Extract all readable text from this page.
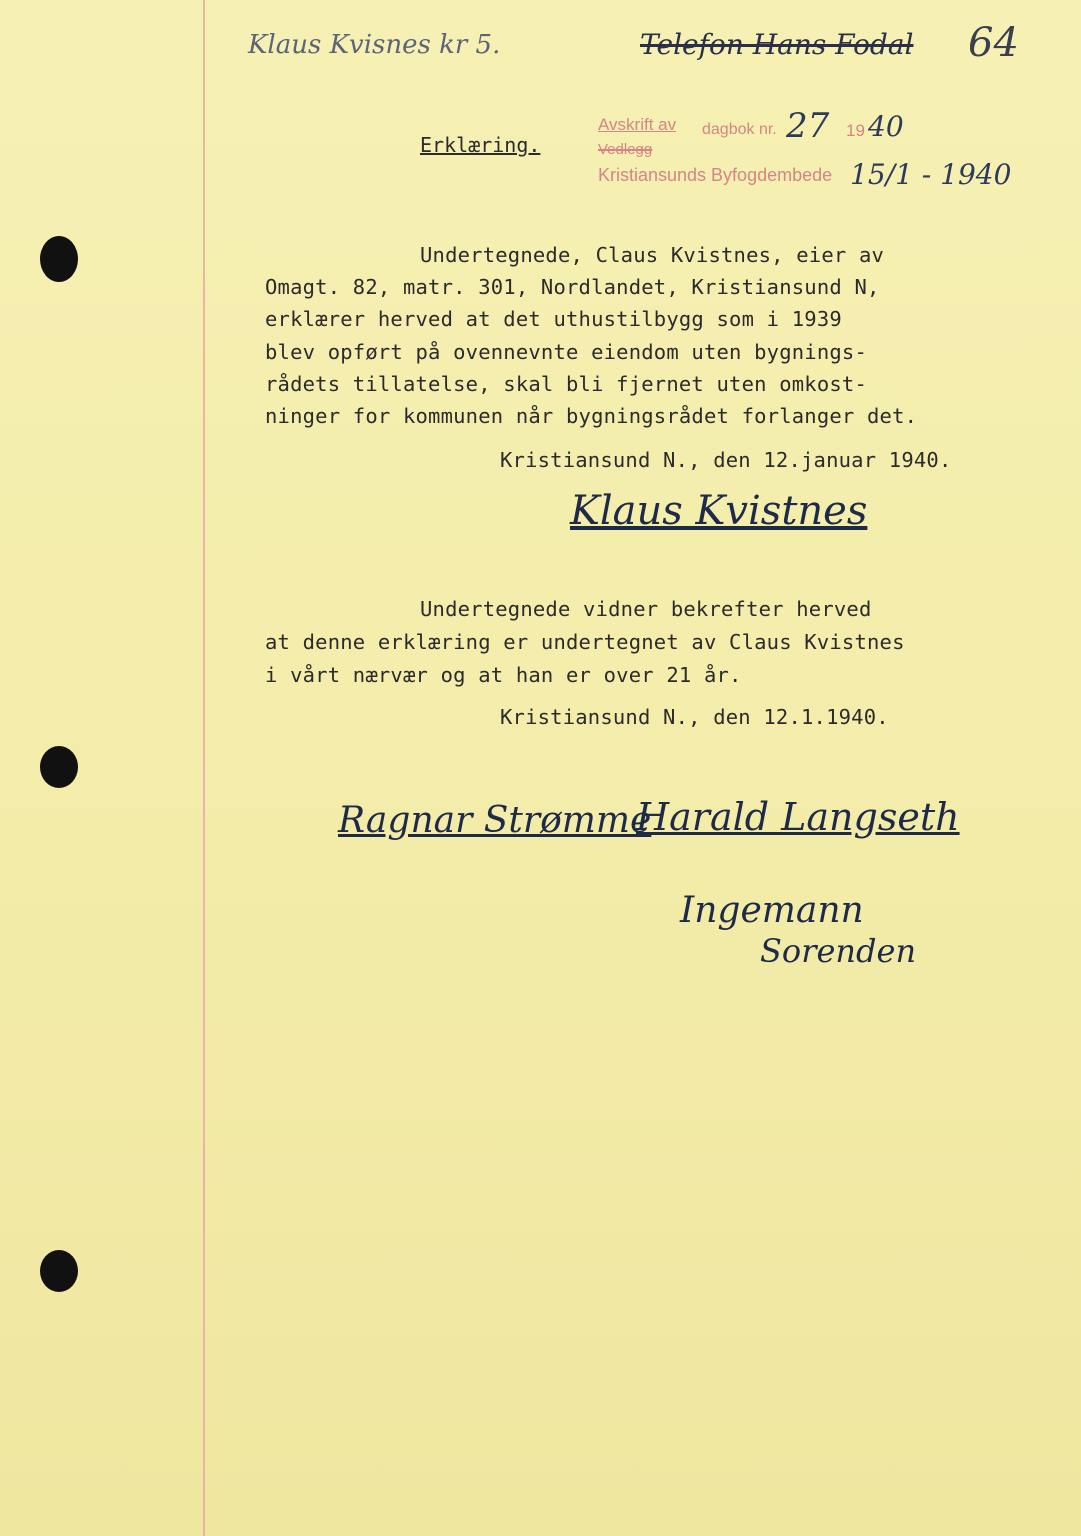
Klaus Kvisnes kr 5.	Telefon Hans Fodal 64
Erklæring.
Avskrift av dagbok nr. 27 19 40
Vedlegg
Kristiansunds Byfogdembede 15/1 - 1940
Undertegnede, Claus Kvistnes, eier av
Omagt. 82, matr. 301, Nordlandet, Kristiansund N,
erklærer herved at det uthustilbygg som i 1939
blev opført på ovennevnte eiendom uten bygnings-
rådets tillatelse, skal bli fjernet uten omkost-
ninger for kommunen når bygningsrådet forlanger det.
Kristiansund N., den 12.januar 1940.
Klaus Kvistnes
Undertegnede vidner bekrefter herved
at denne erklæring er undertegnet av Claus Kvistnes
i vårt nærvær og at han er over 21 år.
Kristiansund N., den 12.1.1940.
Ragnar Strømme
Harald Langseth
Ingemann
Sorenden
